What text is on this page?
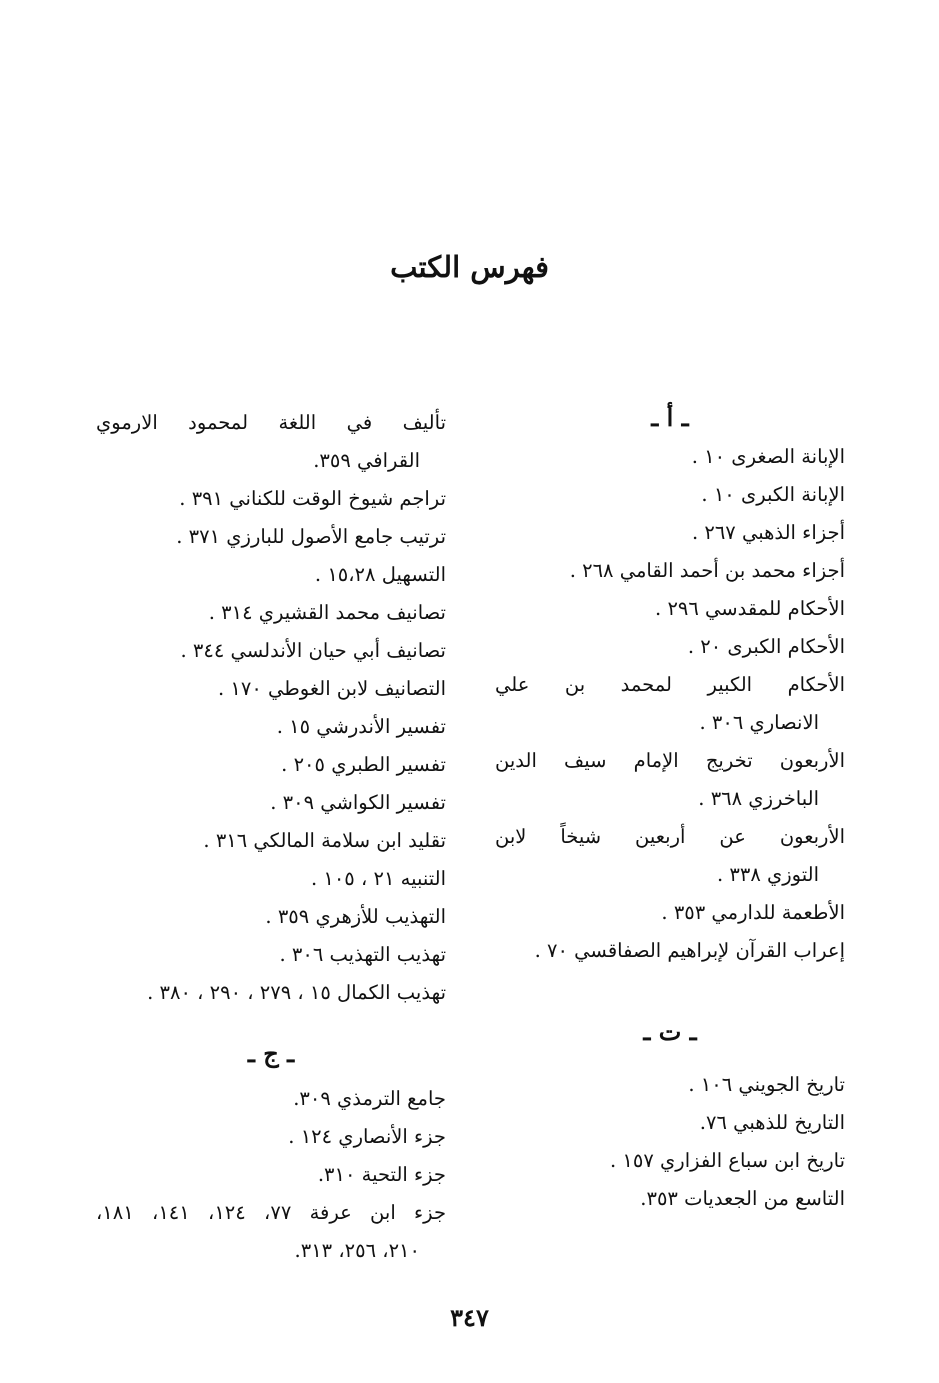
فهرس الكتب
ـ أ ـ
الإبانة الصغرى ١٠ .
الإبانة الكبرى ١٠ .
أجزاء الذهبي ٢٦٧ .
أجزاء محمد بن أحمد القامي ٢٦٨ .
الأحكام للمقدسي ٢٩٦ .
الأحكام الكبرى ٢٠ .
الأحكام الكبير لمحمد بن علي
الانصاري ٣٠٦ .
الأربعون تخريج الإمام سيف الدين
الباخرزي ٣٦٨ .
الأربعون عن أربعين شيخاً لابن
التوزي ٣٣٨ .
الأطعمة للدارمي ٣٥٣ .
إعراب القرآن لإبراهيم الصفاقسي ٧٠ .
ـ ت ـ
تاريخ الجويني ١٠٦ .
التاريخ للذهبي ٧٦.
تاريخ ابن سباع الفزاري ١٥٧ .
التاسع من الجعديات ٣٥٣.
تأليف في اللغة لمحمود الارموي
القرافي ٣٥٩.
تراجم شيوخ الوقت للكناني ٣٩١ .
ترتيب جامع الأصول للبارزي ٣٧١ .
التسهيل ١٥،٢٨ .
تصانيف محمد القشيري ٣١٤ .
تصانيف أبي حيان الأندلسي ٣٤٤ .
التصانيف لابن الغوطي ١٧٠ .
تفسير الأندرشي ١٥ .
تفسير الطبري ٢٠٥ .
تفسير الكواشي ٣٠٩ .
تقليد ابن سلامة المالكي ٣١٦ .
التنبيه ٢١ ، ١٠٥ .
التهذيب للأزهري ٣٥٩ .
تهذيب التهذيب ٣٠٦ .
تهذيب الكمال ١٥ ، ٢٧٩ ، ٢٩٠ ، ٣٨٠ .
ـ ج ـ
جامع الترمذي ٣٠٩.
جزء الأنصاري ١٢٤ .
جزء التحية ٣١٠.
جزء ابن عرفة ٧٧، ١٢٤، ١٤١، ١٨١،
٢١٠، ٢٥٦، ٣١٣.
٣٤٧
